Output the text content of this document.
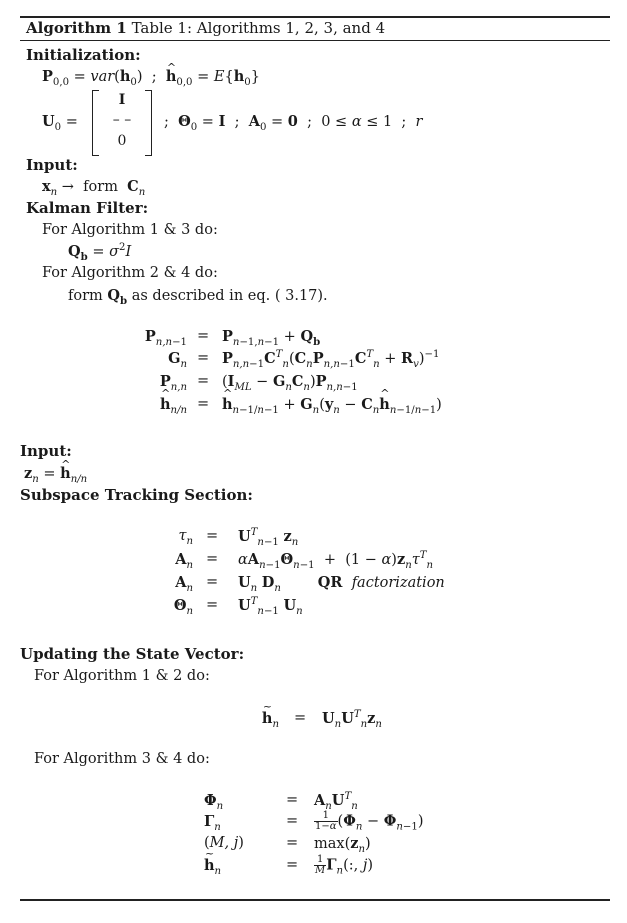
Algorithm 1 Table 1: Algorithms 1, 2, 3, and 4
Initialization:
$P_{0,0} = var(h_0)$  ;  ^ $h_{0,0} = E\{h_0\}$
$U_0$ =
I
– –
0
;  $\Theta_0 = I$  ;  $A_0 = 0$  ;  0 ≤ α ≤ 1  ;  r
Input:
$x_n$ →  form $C_n$
Kalman Filter:
For Algorithm 1 & 3 do:
$Q_b = \sigma^2I$
For Algorithm 2 & 4 do:
form $Q_b$ as described in eq. ( 3.17).
$P_{n,n-1} = P_{n-1,n-1} + Q_b$
$G_n = P_{n,n-1}C^T_n(C_nP_{n,n-1}C^T_n + R_v)^{-1}$
$P_{n,n} = (I_{ML} - G_nC_n)P_{n,n-1}$
^ $h_{n/n}$ =
^ $h_{n-1/n-1} + G_n(y_n$ − $C_n\^{}$ $h_{n-1/n-1}$)
Input:
$z_n$ = ^ $h_{n/n}$
Subspace Tracking Section:
$\tau_n = U^T_{n-1}$ $z_n$
$A_n = \alpha A_{n-1}\Theta_{n-1} + (1 - \alpha)z_n\tau^T_n$
$A_n = U_n$ $D_n$	QR factorization
$\Theta_n = U^T_{n-1}$ $U_n$
Updating the State Vector:
For Algorithm 1 & 2 do:
~ $h_n = U_nU^T_nz_n$
For Algorithm 3 & 4 do:
$\Phi_n$	= $A_nU^T_n$
$\Gamma_n$	= $\frac{1}{1-\alpha} (\Phi_n - \Phi_{n-1})$
(M, j)	= $\max(z_n)$
~ $h_n$	= $\frac{1}{M} \Gamma_n$(:, j)
